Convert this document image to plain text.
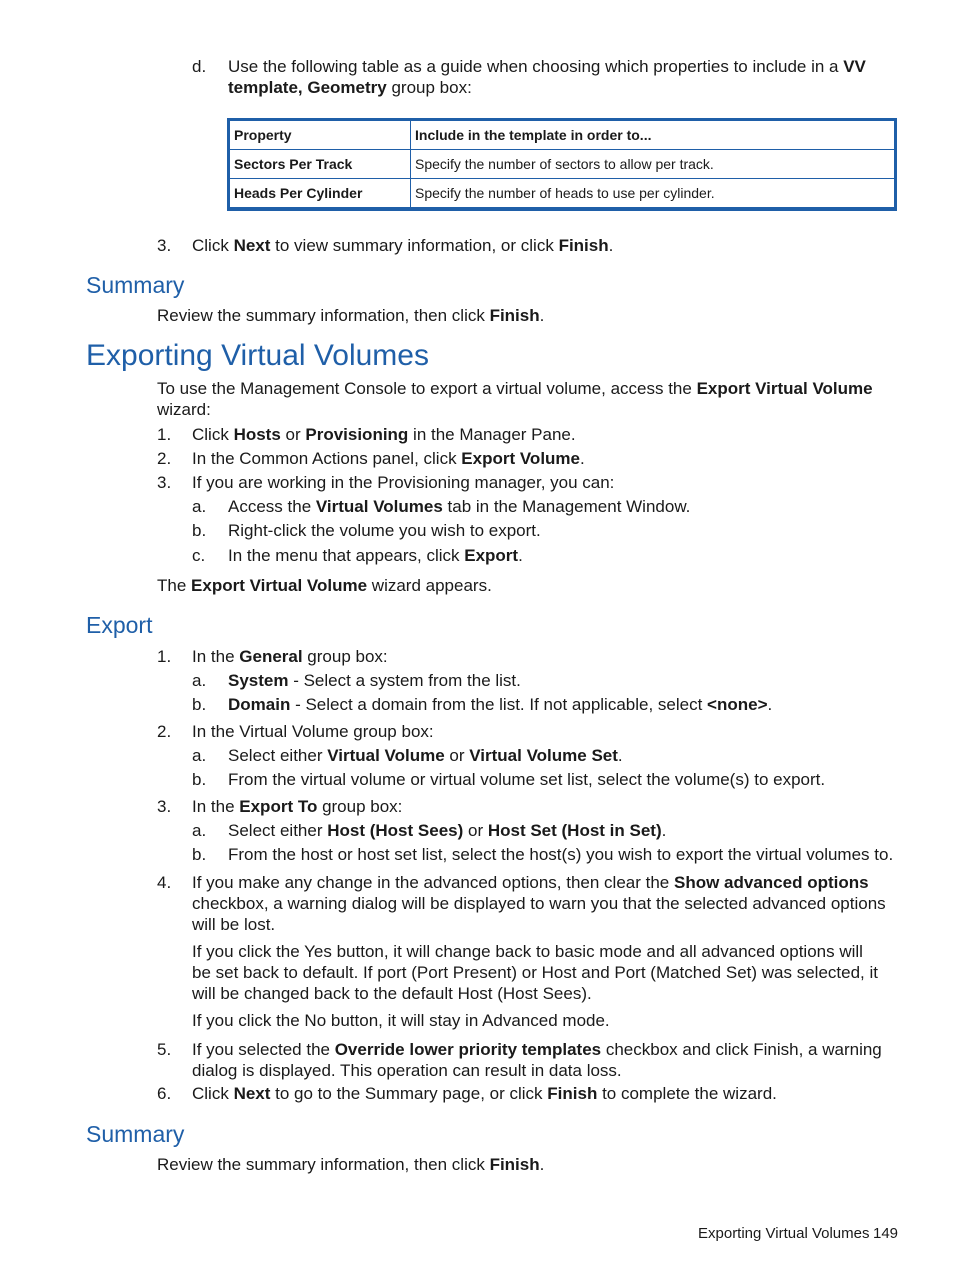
d. Use the following table as a guide when choosing which properties to include in a VV template, Geometry group box:
Property	Include in the template in order to...
Sectors Per Track	Specify the number of sectors to allow per track.
Heads Per Cylinder	Specify the number of heads to use per cylinder.
3. Click Next to view summary information, or click Finish.
Summary
Review the summary information, then click Finish.
Exporting Virtual Volumes
To use the Management Console to export a virtual volume, access the Export Virtual Volume
wizard:
1. Click Hosts or Provisioning in the Manager Pane.
2. In the Common Actions panel, click Export Volume.
3. If you are working in the Provisioning manager, you can:
a. Access the Virtual Volumes tab in the Management Window.
b. Right-click the volume you wish to export.
c. In the menu that appears, click Export.
The Export Virtual Volume wizard appears.
Export
1. In the General group box:
a. System - Select a system from the list.
b. Domain - Select a domain from the list. If not applicable, select <none>.
2. In the Virtual Volume group box:
a. Select either Virtual Volume or Virtual Volume Set.
b. From the virtual volume or virtual volume set list, select the volume(s) to export.
3. In the Export To group box:
a. Select either Host (Host Sees) or Host Set (Host in Set).
b. From the host or host set list, select the host(s) you wish to export the virtual volumes to.
4. If you make any change in the advanced options, then clear the Show advanced options
checkbox, a warning dialog will be displayed to warn you that the selected advanced options
will be lost.
If you click the Yes button, it will change back to basic mode and all advanced options will
be set back to default. If port (Port Present) or Host and Port (Matched Set) was selected, it
will be changed back to the default Host (Host Sees).
If you click the No button, it will stay in Advanced mode.
5. If you selected the Override lower priority templates checkbox and click Finish, a warning
dialog is displayed. This operation can result in data loss.
6. Click Next to go to the Summary page, or click Finish to complete the wizard.
Summary
Review the summary information, then click Finish.
Exporting Virtual Volumes 149
